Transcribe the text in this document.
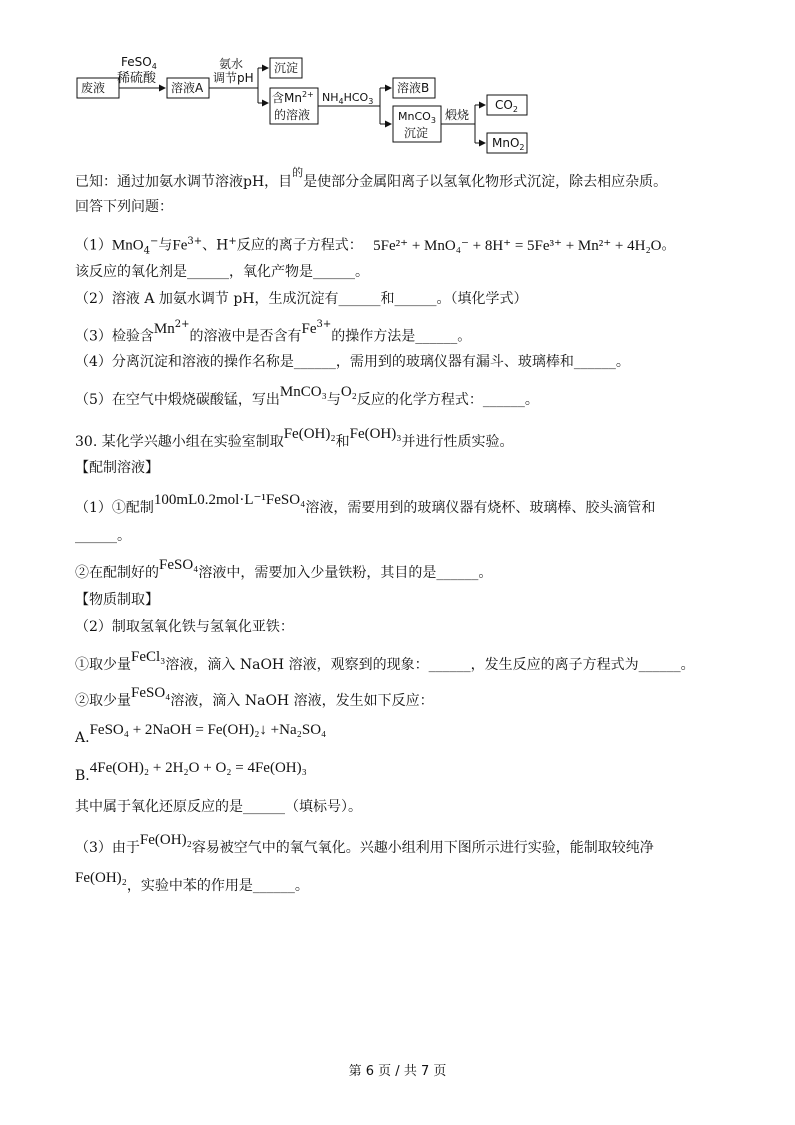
废液
FeSO$_4$
稀硫酸
溶液A
氨水
调节pH
沉淀
含$Mn^{2+}$
的溶液
$NH_4HCO_3$
溶液B
MnCO$_3$
沉淀
煅烧
$CO_2$
MnO$_2$
已知：通过加氨水调节溶液pH，目$^的$是使部分金属阳离子以氢氧化物形式沉淀，除去相应杂质。
回答下列问题：
（1）MnO$_4$−与$Fe^{3+}$、H+反应的离子方程式： 5Fe²⁺ + MnO₄⁻ + 8H⁺ = 5Fe³⁺ + Mn²⁺ + 4H₂O。
该反应的氧化剂是______，氧化产物是______。
（2）溶液 A 加氨水调节 pH，生成沉淀有______和______。（填化学式）
（3）检验含$Mn^{2+}$的溶液中是否含有$Fe^{3+}$的操作方法是______。
（4）分离沉淀和溶液的操作名称是______，需用到的玻璃仪器有漏斗、玻璃棒和______。
（5）在空气中煅烧碳酸锰，写出MnCO₃与O₂反应的化学方程式：______。
30. 某化学兴趣小组在实验室制取Fe(OH)₂和Fe(OH)₃并进行性质实验。
【配制溶液】
（1）①配制100mL0.2mol·L⁻¹FeSO₄溶液，需要用到的玻璃仪器有烧杯、玻璃棒、胶头滴管和
______。
②在配制好的FeSO₄溶液中，需要加入少量铁粉，其目的是______。
【物质制取】
（2）制取氢氧化铁与氢氧化亚铁：
①取少量FeCl₃溶液，滴入 NaOH 溶液，观察到的现象：______，发生反应的离子方程式为______。
②取少量FeSO₄溶液，滴入 NaOH 溶液，发生如下反应：
A.FeSO₄ + 2NaOH = Fe(OH)₂↓ +Na₂SO₄
B.4Fe(OH)₂ + 2H₂O + O₂ = 4Fe(OH)₃
其中属于氧化还原反应的是______（填标号）。
（3）由于Fe(OH)₂容易被空气中的氧气氧化。兴趣小组利用下图所示进行实验，能制取较纯净
Fe(OH)₂，实验中苯的作用是______。
第 6 页 / 共 7 页
